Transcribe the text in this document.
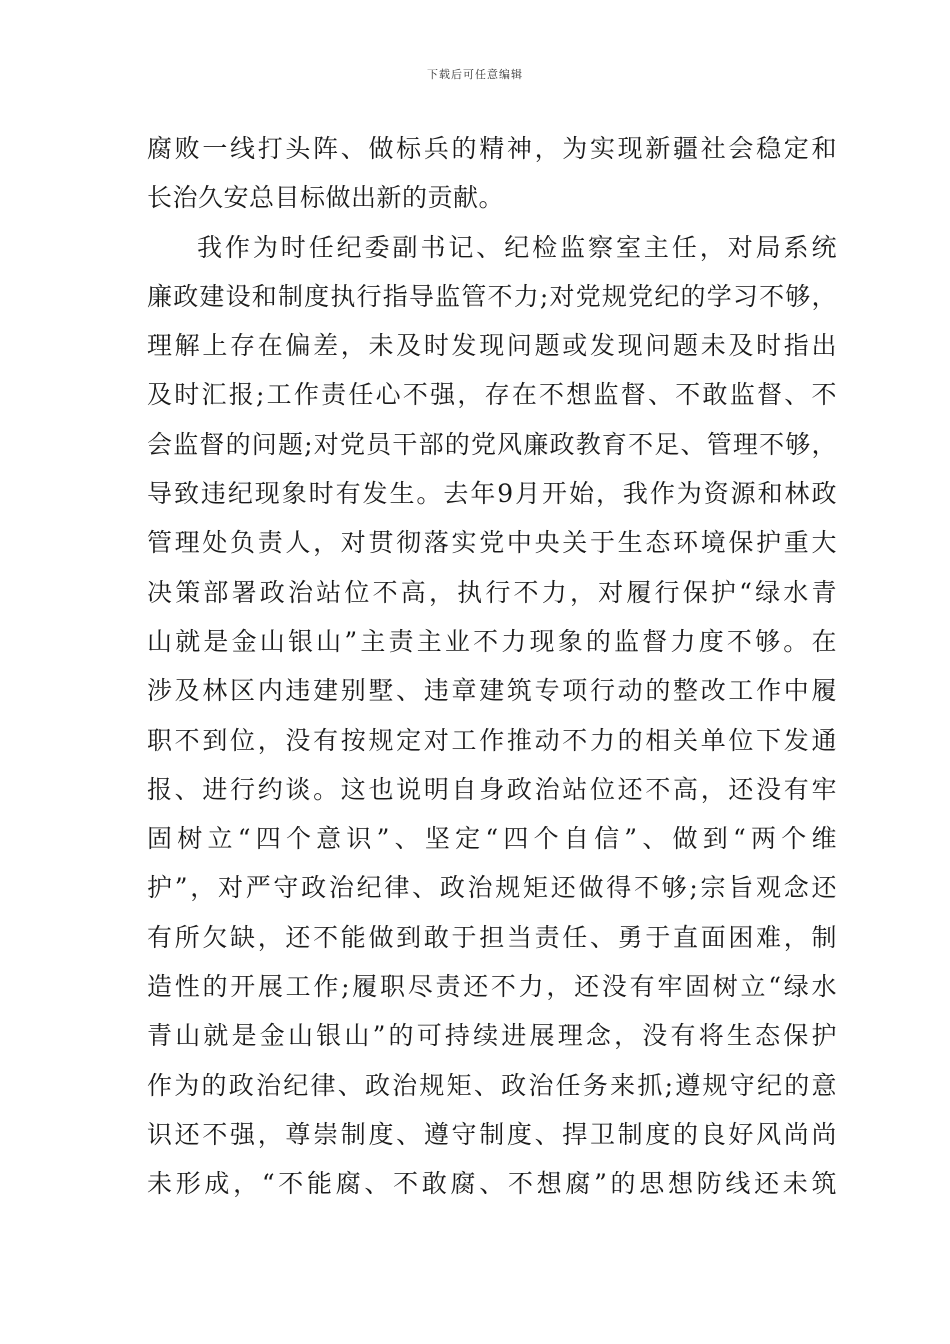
下载后可任意编辑
腐败一线打头阵、做标兵的精神，为实现新疆社会稳定和
长治久安总目标做出新的贡献。
我作为时任纪委副书记、纪检监察室主任，对局系统
廉政建设和制度执行指导监管不力;对党规党纪的学习不够，
理解上存在偏差，未及时发现问题或发现问题未及时指出
及时汇报;工作责任心不强，存在不想监督、不敢监督、不
会监督的问题;对党员干部的党风廉政教育不足、管理不够，
导致违纪现象时有发生。去年9月开始，我作为资源和林政
管理处负责人，对贯彻落实党中央关于生态环境保护重大
决策部署政治站位不高，执行不力，对履行保护“绿水青
山就是金山银山”主责主业不力现象的监督力度不够。在
涉及林区内违建别墅、违章建筑专项行动的整改工作中履
职不到位，没有按规定对工作推动不力的相关单位下发通
报、进行约谈。这也说明自身政治站位还不高，还没有牢
固树立“四个意识”、坚定“四个自信”、做到“两个维
护”，对严守政治纪律、政治规矩还做得不够;宗旨观念还
有所欠缺，还不能做到敢于担当责任、勇于直面困难，制
造性的开展工作;履职尽责还不力，还没有牢固树立“绿水
青山就是金山银山”的可持续进展理念，没有将生态保护
作为的政治纪律、政治规矩、政治任务来抓;遵规守纪的意
识还不强，尊崇制度、遵守制度、捍卫制度的良好风尚尚
未形成，“不能腐、不敢腐、不想腐”的思想防线还未筑
